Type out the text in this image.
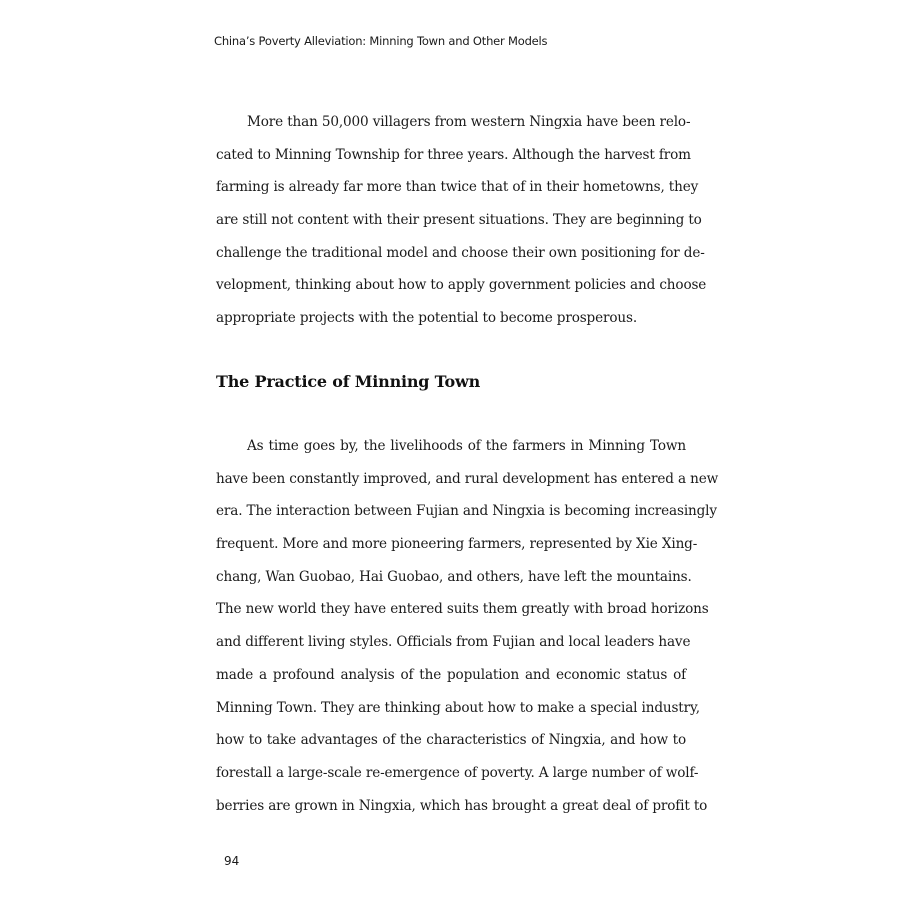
China’s Poverty Alleviation: Minning Town and Other Models
More than 50,000 villagers from western Ningxia have been relo-
cated to Minning Township for three years. Although the harvest from
farming is already far more than twice that of in their hometowns, they
are still not content with their present situations. They are beginning to
challenge the traditional model and choose their own positioning for de-
velopment, thinking about how to apply government policies and choose
appropriate projects with the potential to become prosperous.
The Practice of Minning Town
As time goes by, the livelihoods of the farmers in Minning Town
have been constantly improved, and rural development has entered a new
era. The interaction between Fujian and Ningxia is becoming increasingly
frequent. More and more pioneering farmers, represented by Xie Xing-
chang, Wan Guobao, Hai Guobao, and others, have left the mountains.
The new world they have entered suits them greatly with broad horizons
and different living styles. Officials from Fujian and local leaders have
made a profound analysis of the population and economic status of
Minning Town. They are thinking about how to make a special industry,
how to take advantages of the characteristics of Ningxia, and how to
forestall a large-scale re-emergence of poverty. A large number of wolf-
berries are grown in Ningxia, which has brought a great deal of profit to
94
